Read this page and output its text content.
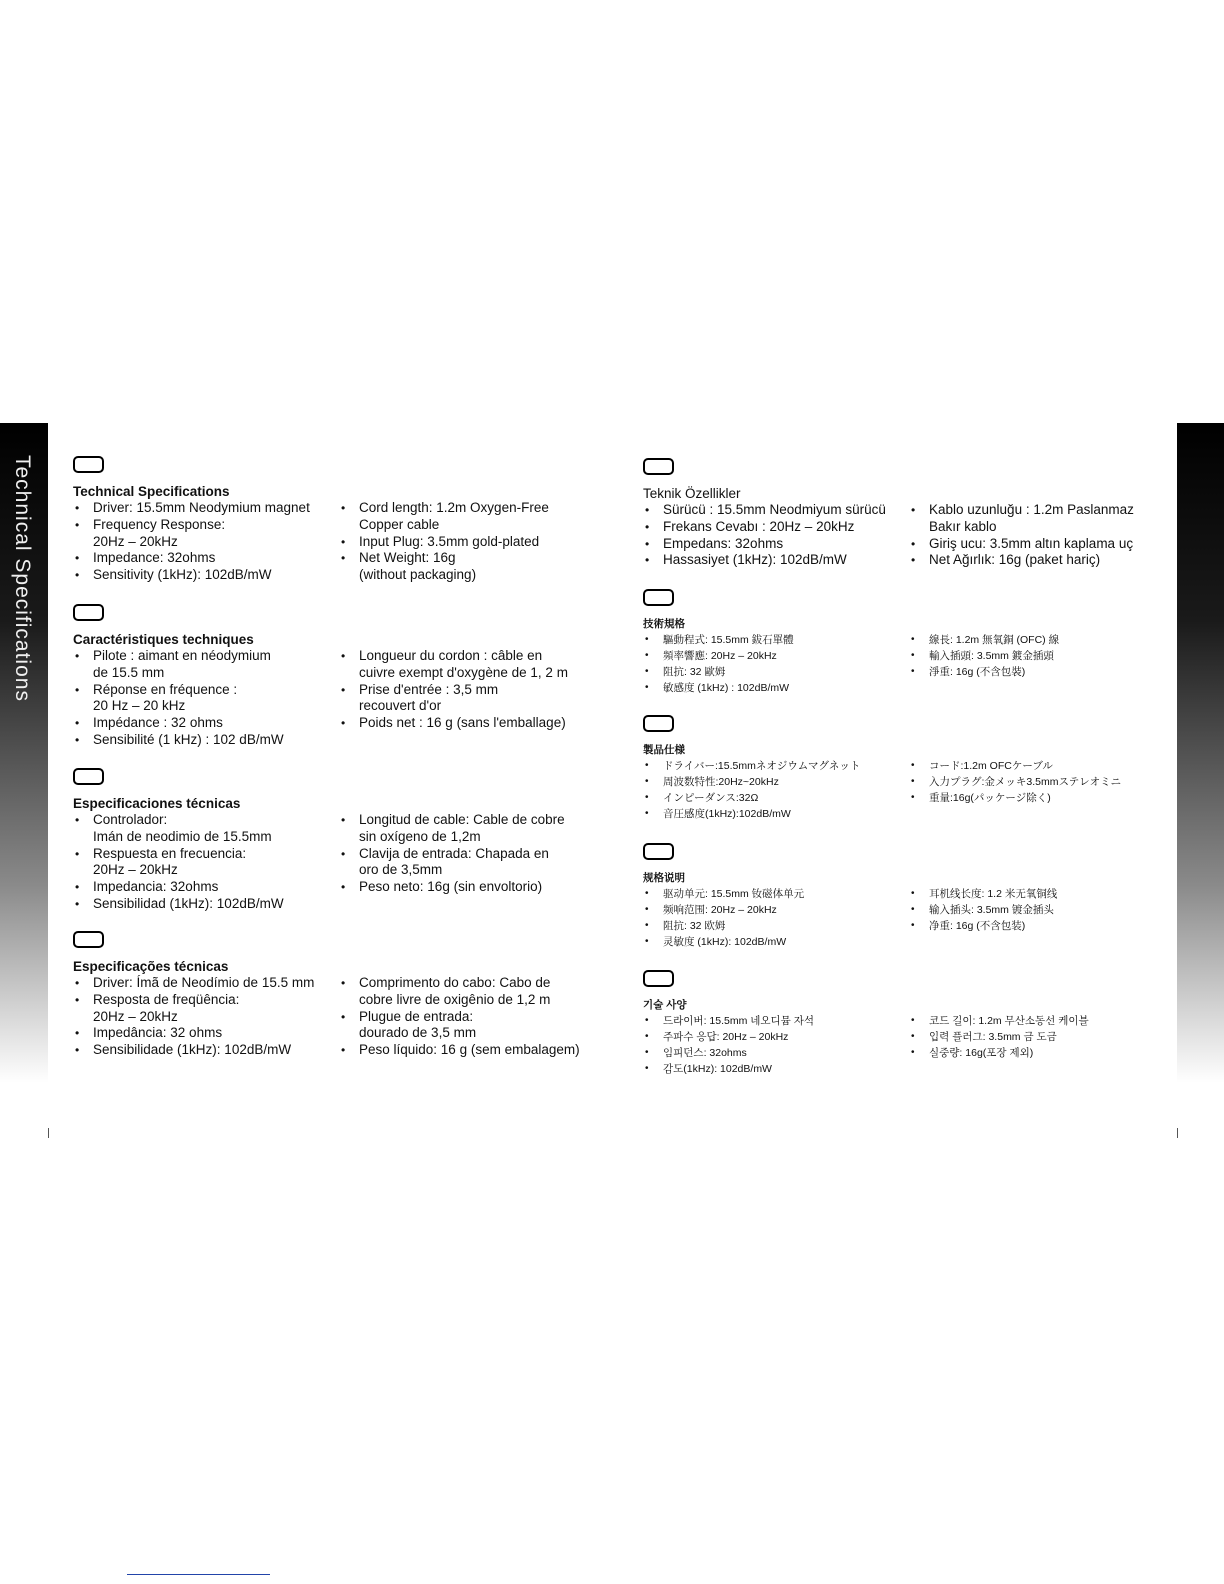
Technical Specifications	Technical Specifications
• Driver: 15.5mm Neodymium magnet
• Frequency Response:
20Hz – 20kHz
• Impedance: 32ohms
• Sensitivity (1kHz): 102dB/mW
• Cord length: 1.2m Oxygen-Free
Copper cable
• Input Plug: 3.5mm gold-plated
• Net Weight: 16g
(without packaging)
Caractéristiques techniques
• Pilote : aimant en néodymium
de 15.5 mm
• Réponse en fréquence :
20 Hz – 20 kHz
• Impédance : 32 ohms
• Sensibilité (1 kHz) : 102 dB/mW
• Longueur du cordon : câble en
cuivre exempt d'oxygène de 1, 2 m
• Prise d'entrée : 3,5 mm
recouvert d'or
• Poids net : 16 g (sans l'emballage)
Especificaciones técnicas
• Controlador:
Imán de neodimio de 15.5mm
• Respuesta en frecuencia:
20Hz – 20kHz
• Impedancia: 32ohms
• Sensibilidad (1kHz): 102dB/mW
• Longitud de cable: Cable de cobre
sin oxígeno de 1,2m
• Clavija de entrada: Chapada en
oro de 3,5mm
• Peso neto: 16g (sin envoltorio)
Especificações técnicas
• Driver: Ímã de Neodímio de 15.5 mm
• Resposta de freqüência:
20Hz – 20kHz
• Impedância: 32 ohms
• Sensibilidade (1kHz): 102dB/mW
• Comprimento do cabo: Cabo de
cobre livre de oxigênio de 1,2 m
• Plugue de entrada:
dourado de 3,5 mm
• Peso líquido: 16 g (sem embalagem)
Teknik Özellikler
• Sürücü : 15.5mm Neodmiyum sürücü
• Frekans Cevabı : 20Hz – 20kHz
• Empedans: 32ohms
• Hassasiyet (1kHz): 102dB/mW
• Kablo uzunluğu : 1.2m Paslanmaz
Bakır kablo
• Giriş ucu: 3.5mm altın kaplama uç
• Net Ağırlık: 16g (paket hariç)
技術規格
• 驅動程式: 15.5mm 鈸石單體
• 頻率響應: 20Hz – 20kHz
• 阻抗: 32 歐姆
• 敏感度 (1kHz) : 102dB/mW
• 線長: 1.2m 無氧銅 (OFC) 線
• 輸入插頭: 3.5mm 鍍金插頭
• 淨重: 16g (不含包裝)
製品仕様
• ドライバー:15.5mmネオジウムマグネット
• 周波数特性:20Hz~20kHz
• インピーダンス:32Ω
• 音圧感度(1kHz):102dB/mW
• コード:1.2m OFCケーブル
• 入力プラグ:金メッキ3.5mmステレオミニ
• 重量:16g(パッケージ除く)
规格说明
• 驱动单元: 15.5mm 钕磁体单元
• 频响范围: 20Hz – 20kHz
• 阻抗: 32 欧姆
• 灵敏度 (1kHz): 102dB/mW
• 耳机线长度: 1.2 米无氧铜线
• 输入插头: 3.5mm 镀金插头
• 净重: 16g (不含包装)
기술 사양
• 드라이버: 15.5mm 네오디뮴 자석
• 주파수 응답: 20Hz – 20kHz
• 임피던스: 32ohms
• 감도(1kHz): 102dB/mW
• 코드 길이: 1.2m 무산소동선 케이블
• 입력 플러그: 3.5mm 금 도금
• 실중량: 16g(포장 제외)
